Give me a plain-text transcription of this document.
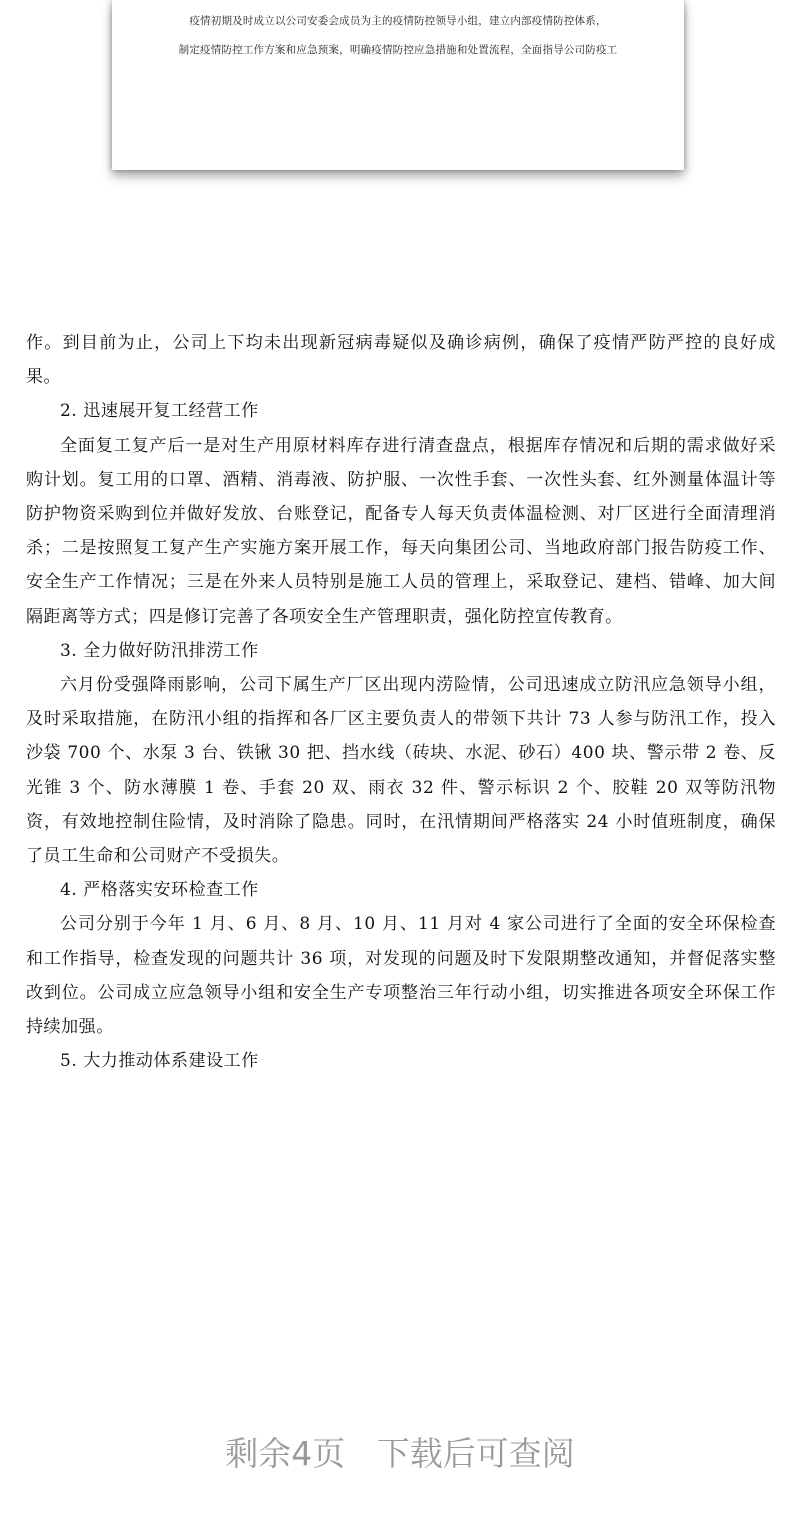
疫情初期及时成立以公司安委会成员为主的疫情防控领导小组，建立内部疫情防控体系，
制定疫情防控工作方案和应急预案，明确疫情防控应急措施和处置流程，全面指导公司防疫工

作。到目前为止，公司上下均未出现新冠病毒疑似及确诊病例，确保了疫情严防严控的良好成果。

2. 迅速展开复工经营工作

全面复工复产后一是对生产用原材料库存进行清查盘点，根据库存情况和后期的需求做好采购计划。复工用的口罩、酒精、消毒液、防护服、一次性手套、一次性头套、红外测量体温计等防护物资采购到位并做好发放、台账登记，配备专人每天负责体温检测、对厂区进行全面清理消杀；二是按照复工复产生产实施方案开展工作，每天向集团公司、当地政府部门报告防疫工作、安全生产工作情况；三是在外来人员特别是施工人员的管理上，采取登记、建档、错峰、加大间隔距离等方式；四是修订完善了各项安全生产管理职责，强化防控宣传教育。

3. 全力做好防汛排涝工作

六月份受强降雨影响，公司下属生产厂区出现内涝险情，公司迅速成立防汛应急领导小组，及时采取措施，在防汛小组的指挥和各厂区主要负责人的带领下共计 73 人参与防汛工作，投入沙袋 700 个、水泵 3 台、铁锹 30 把、挡水线（砖块、水泥、砂石）400 块、警示带 2 卷、反光锥 3 个、防水薄膜 1 卷、手套 20 双、雨衣 32 件、警示标识 2 个、胶鞋 20 双等防汛物资，有效地控制住险情，及时消除了隐患。同时，在汛情期间严格落实 24 小时值班制度，确保了员工生命和公司财产不受损失。

4. 严格落实安环检查工作

公司分别于今年 1 月、6 月、8 月、10 月、11 月对 4 家公司进行了全面的安全环保检查和工作指导，检查发现的问题共计 36 项，对发现的问题及时下发限期整改通知，并督促落实整改到位。公司成立应急领导小组和安全生产专项整治三年行动小组，切实推进各项安全环保工作持续加强。

5. 大力推动体系建设工作

剩余4页   下载后可查阅
